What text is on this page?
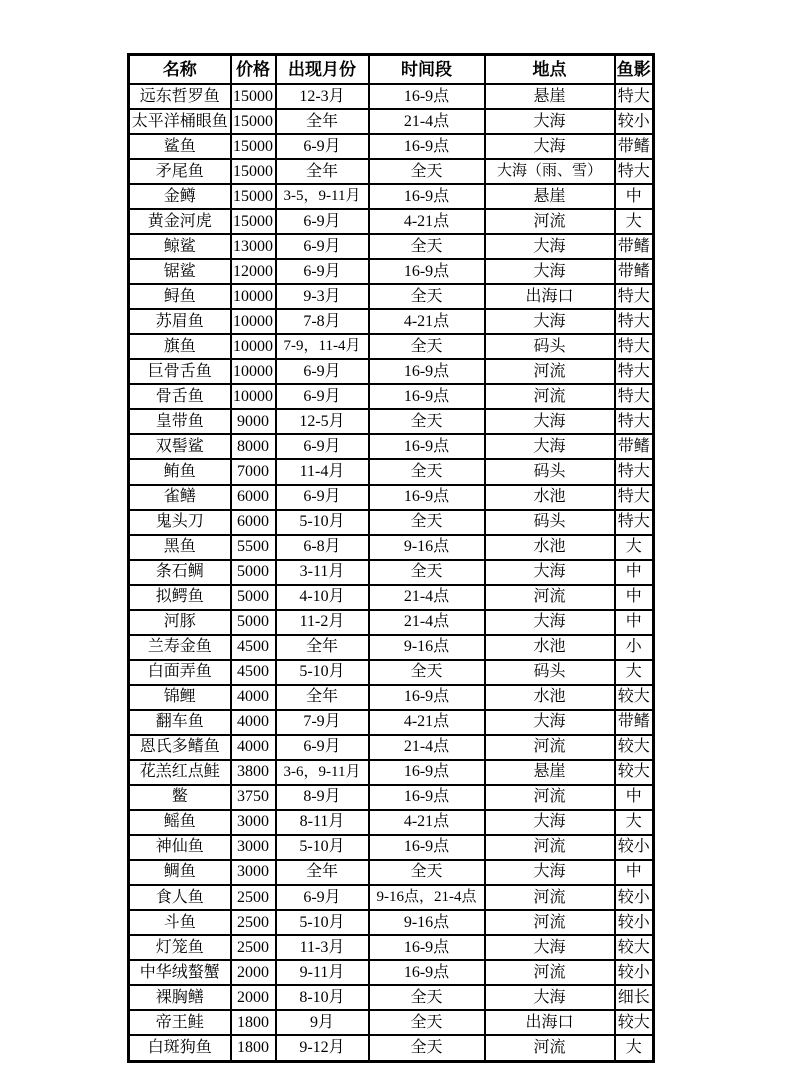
名称	价格	出现月份	时间段	地点	鱼影
远东哲罗鱼	15000	12-3月	16-9点	悬崖	特大
太平洋桶眼鱼	15000	全年	21-4点	大海	较小
鲨鱼	15000	6-9月	16-9点	大海	带鳍
矛尾鱼	15000	全年	全天	大海（雨、雪）	特大
金鳟	15000	3-5，9-11月	16-9点	悬崖	中
黄金河虎	15000	6-9月	4-21点	河流	大
鲸鲨	13000	6-9月	全天	大海	带鳍
锯鲨	12000	6-9月	16-9点	大海	带鳍
鲟鱼	10000	9-3月	全天	出海口	特大
苏眉鱼	10000	7-8月	4-21点	大海	特大
旗鱼	10000	7-9，11-4月	全天	码头	特大
巨骨舌鱼	10000	6-9月	16-9点	河流	特大
骨舌鱼	10000	6-9月	16-9点	河流	特大
皇带鱼	9000	12-5月	全天	大海	特大
双髻鲨	8000	6-9月	16-9点	大海	带鳍
鲔鱼	7000	11-4月	全天	码头	特大
雀鳝	6000	6-9月	16-9点	水池	特大
鬼头刀	6000	5-10月	全天	码头	特大
黑鱼	5500	6-8月	9-16点	水池	大
条石鲷	5000	3-11月	全天	大海	中
拟鳄鱼	5000	4-10月	21-4点	河流	中
河豚	5000	11-2月	21-4点	大海	中
兰寿金鱼	4500	全年	9-16点	水池	小
白面弄鱼	4500	5-10月	全天	码头	大
锦鲤	4000	全年	16-9点	水池	较大
翻车鱼	4000	7-9月	4-21点	大海	带鳍
恩氏多鳍鱼	4000	6-9月	21-4点	河流	较大
花羔红点鲑	3800	3-6，9-11月	16-9点	悬崖	较大
鳖	3750	8-9月	16-9点	河流	中
鳐鱼	3000	8-11月	4-21点	大海	大
神仙鱼	3000	5-10月	16-9点	河流	较小
鲷鱼	3000	全年	全天	大海	中
食人鱼	2500	6-9月	9-16点，21-4点	河流	较小
斗鱼	2500	5-10月	9-16点	河流	较小
灯笼鱼	2500	11-3月	16-9点	大海	较大
中华绒螯蟹	2000	9-11月	16-9点	河流	较小
裸胸鳝	2000	8-10月	全天	大海	细长
帝王鲑	1800	9月	全天	出海口	较大
白斑狗鱼	1800	9-12月	全天	河流	大
